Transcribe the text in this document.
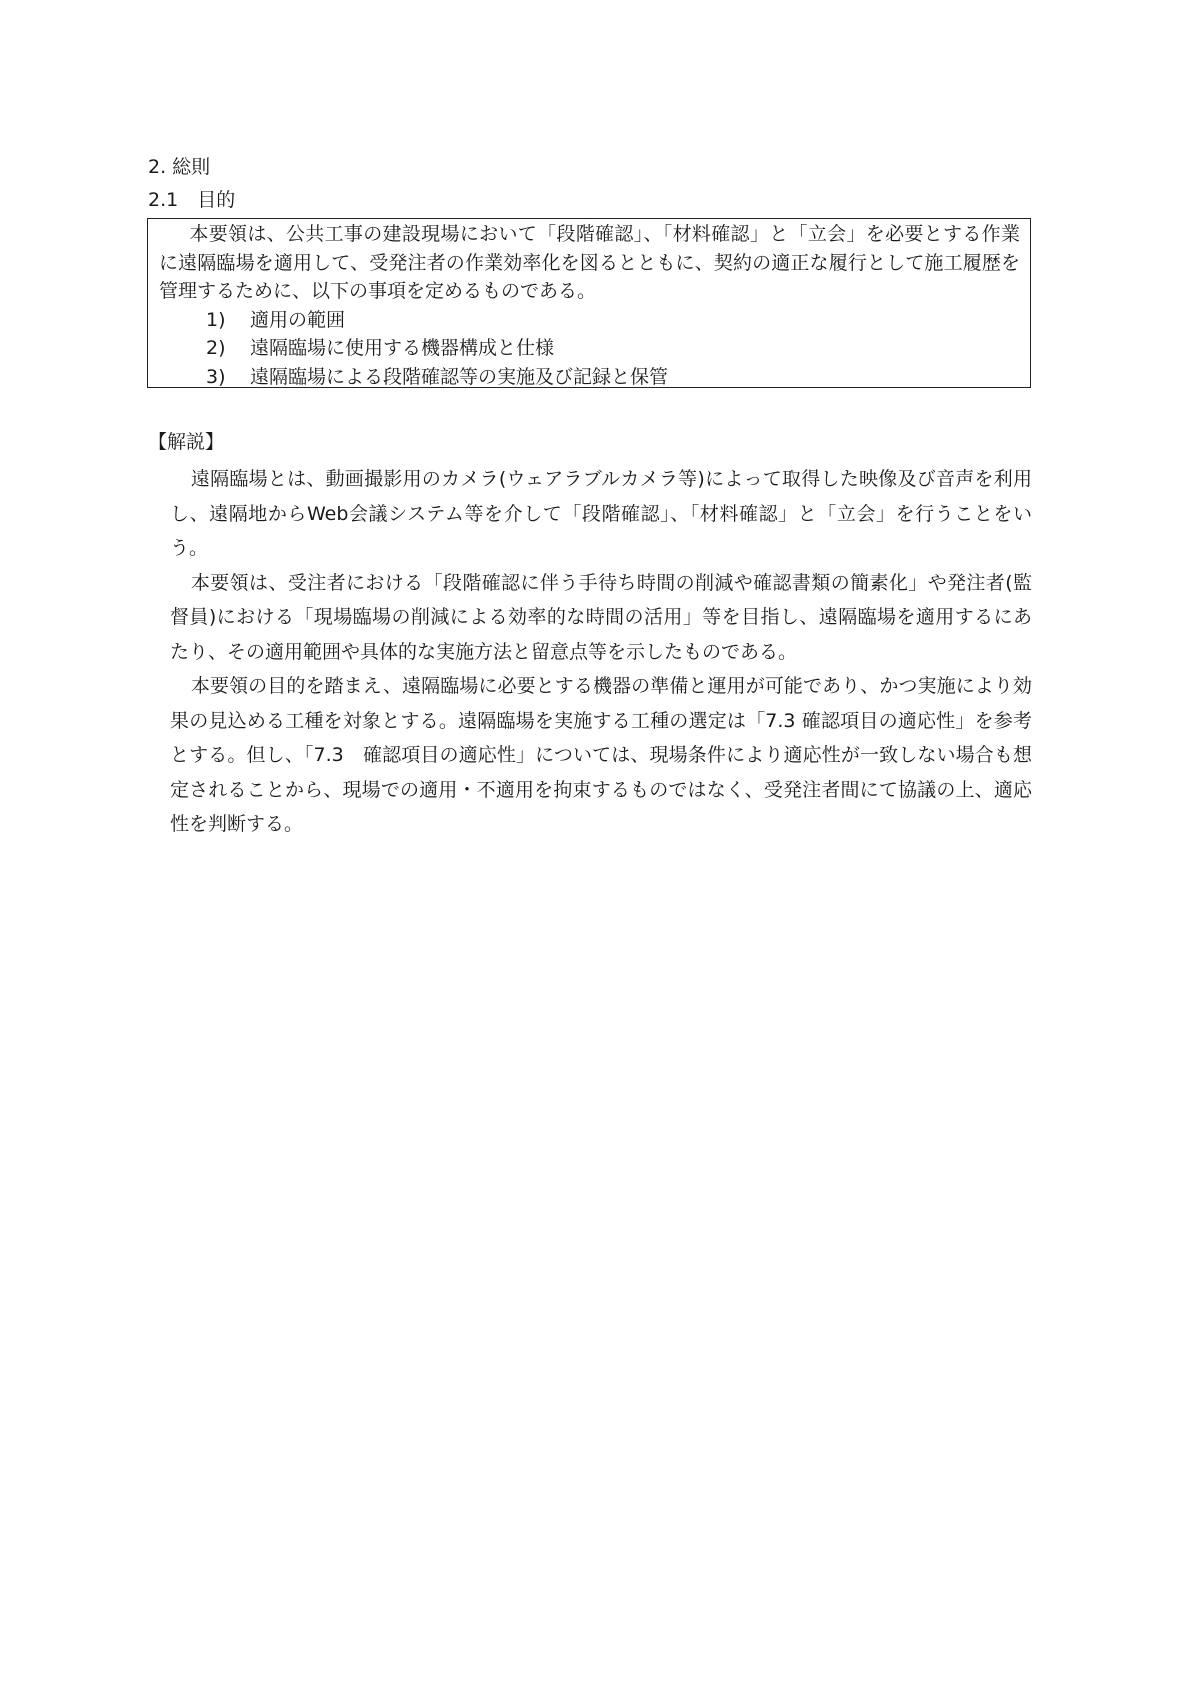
2. 総則
2.1　目的

本要領は、公共工事の建設現場において「段階確認」、「材料確認」と「立会」を必要とする作業に遠隔臨場を適用して、受発注者の作業効率化を図るとともに、契約の適正な履行として施工履歴を管理するために、以下の事項を定めるものである。

1) 適用の範囲
2) 遠隔臨場に使用する機器構成と仕様
3) 遠隔臨場による段階確認等の実施及び記録と保管
【解説】

遠隔臨場とは、動画撮影用のカメラ(ウェアラブルカメラ等)によって取得した映像及び音声を利用し、遠隔地からWeb会議システム等を介して「段階確認」、「材料確認」と「立会」を行うことをいう。

本要領は、受注者における「段階確認に伴う手待ち時間の削減や確認書類の簡素化」や発注者(監督員)における「現場臨場の削減による効率的な時間の活用」等を目指し、遠隔臨場を適用するにあたり、その適用範囲や具体的な実施方法と留意点等を示したものである。

本要領の目的を踏まえ、遠隔臨場に必要とする機器の準備と運用が可能であり、かつ実施により効果の見込める工種を対象とする。遠隔臨場を実施する工種の選定は「7.3 確認項目の適応性」を参考とする。但し、「7.3　確認項目の適応性」については、現場条件により適応性が一致しない場合も想定されることから、現場での適用・不適用を拘束するものではなく、受発注者間にて協議の上、適応性を判断する。
